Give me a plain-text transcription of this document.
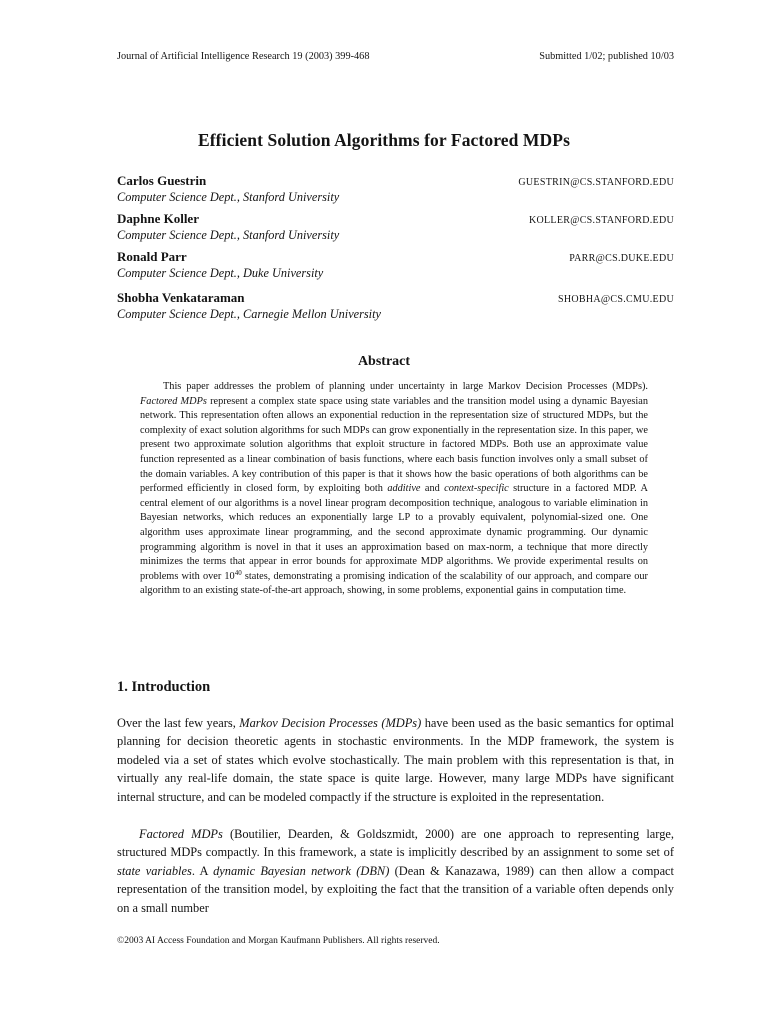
Journal of Artificial Intelligence Research 19 (2003) 399-468	Submitted 1/02; published 10/03
Efficient Solution Algorithms for Factored MDPs
Carlos Guestrin	GUESTRIN@CS.STANFORD.EDU
Computer Science Dept., Stanford University
Daphne Koller	KOLLER@CS.STANFORD.EDU
Computer Science Dept., Stanford University
Ronald Parr	PARR@CS.DUKE.EDU
Computer Science Dept., Duke University
Shobha Venkataraman	SHOBHA@CS.CMU.EDU
Computer Science Dept., Carnegie Mellon University
Abstract

This paper addresses the problem of planning under uncertainty in large Markov Decision Processes (MDPs). Factored MDPs represent a complex state space using state variables and the transition model using a dynamic Bayesian network. This representation often allows an exponential reduction in the representation size of structured MDPs, but the complexity of exact solution algorithms for such MDPs can grow exponentially in the representation size. In this paper, we present two approximate solution algorithms that exploit structure in factored MDPs. Both use an approximate value function represented as a linear combination of basis functions, where each basis function involves only a small subset of the domain variables. A key contribution of this paper is that it shows how the basic operations of both algorithms can be performed efficiently in closed form, by exploiting both additive and context-specific structure in a factored MDP. A central element of our algorithms is a novel linear program decomposition technique, analogous to variable elimination in Bayesian networks, which reduces an exponentially large LP to a provably equivalent, polynomial-sized one. One algorithm uses approximate linear programming, and the second approximate dynamic programming. Our dynamic programming algorithm is novel in that it uses an approximation based on max-norm, a technique that more directly minimizes the terms that appear in error bounds for approximate MDP algorithms. We provide experimental results on problems with over $10^{40}$ states, demonstrating a promising indication of the scalability of our approach, and compare our algorithm to an existing state-of-the-art approach, showing, in some problems, exponential gains in computation time.

1. Introduction

Over the last few years, Markov Decision Processes (MDPs) have been used as the basic semantics for optimal planning for decision theoretic agents in stochastic environments. In the MDP framework, the system is modeled via a set of states which evolve stochastically. The main problem with this representation is that, in virtually any real-life domain, the state space is quite large. However, many large MDPs have significant internal structure, and can be modeled compactly if the structure is exploited in the representation.

Factored MDPs (Boutilier, Dearden, & Goldszmidt, 2000) are one approach to representing large, structured MDPs compactly. In this framework, a state is implicitly described by an assignment to some set of state variables. A dynamic Bayesian network (DBN) (Dean & Kanazawa, 1989) can then allow a compact representation of the transition model, by exploiting the fact that the transition of a variable often depends only on a small number

©2003 AI Access Foundation and Morgan Kaufmann Publishers. All rights reserved.
